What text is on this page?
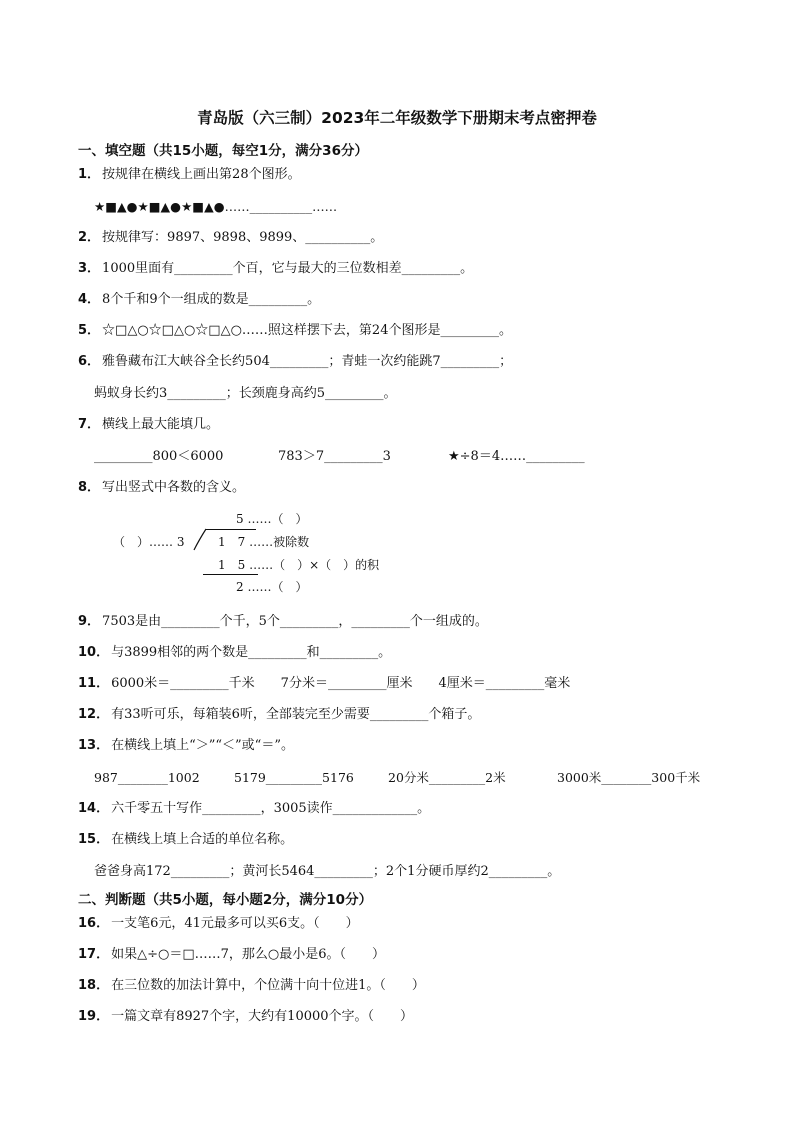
青岛版（六三制）2023年二年级数学下册期末考点密押卷
一、填空题（共15小题，每空1分，满分36分）
1． 按规律在横线上画出第28个图形。
★■▲●★■▲●★■▲●……__________……
2． 按规律写：9897、9898、9899、__________。
3． 1000里面有_________个百，它与最大的三位数相差_________。
4． 8个千和9个一组成的数是_________。
5． ☆□△○☆□△○☆□△○……照这样摆下去，第24个图形是_________。
6． 雅鲁藏布江大峡谷全长约504_________；青蛙一次约能跳7_________；
蚂蚁身长约3_________；长颈鹿身高约5_________。
7． 横线上最大能填几。
_________800＜6000	783＞7_________3	★÷8＝4……_________
8． 写出竖式中各数的含义。
5 ……（　）
（　）…… 3	1　7 ……被除数
1　5 ……（　）×（　）的积
2 ……（　）
9． 7503是由_________个千，5个_________，_________个一组成的。
10． 与3899相邻的两个数是_________和_________。
11． 6000米＝_________千米　　7分米＝_________厘米　　4厘米＝_________毫米
12． 有33听可乐，每箱装6听，全部装完至少需要_________个箱子。
13． 在横线上填上“＞”“＜”或“＝”。
987________1002	5179_________5176	20分米_________2米	3000米________300千米
14． 六千零五十写作_________，3005读作_____________。
15． 在横线上填上合适的单位名称。
爸爸身高172_________；黄河长5464_________；2个1分硬币厚约2_________。
二、判断题（共5小题，每小题2分，满分10分）
16． 一支笔6元，41元最多可以买6支。（　　）
17． 如果△÷○＝□……7，那么○最小是6。（　　）
18． 在三位数的加法计算中，个位满十向十位进1。（　　）
19． 一篇文章有8927个字，大约有10000个字。（　　）
